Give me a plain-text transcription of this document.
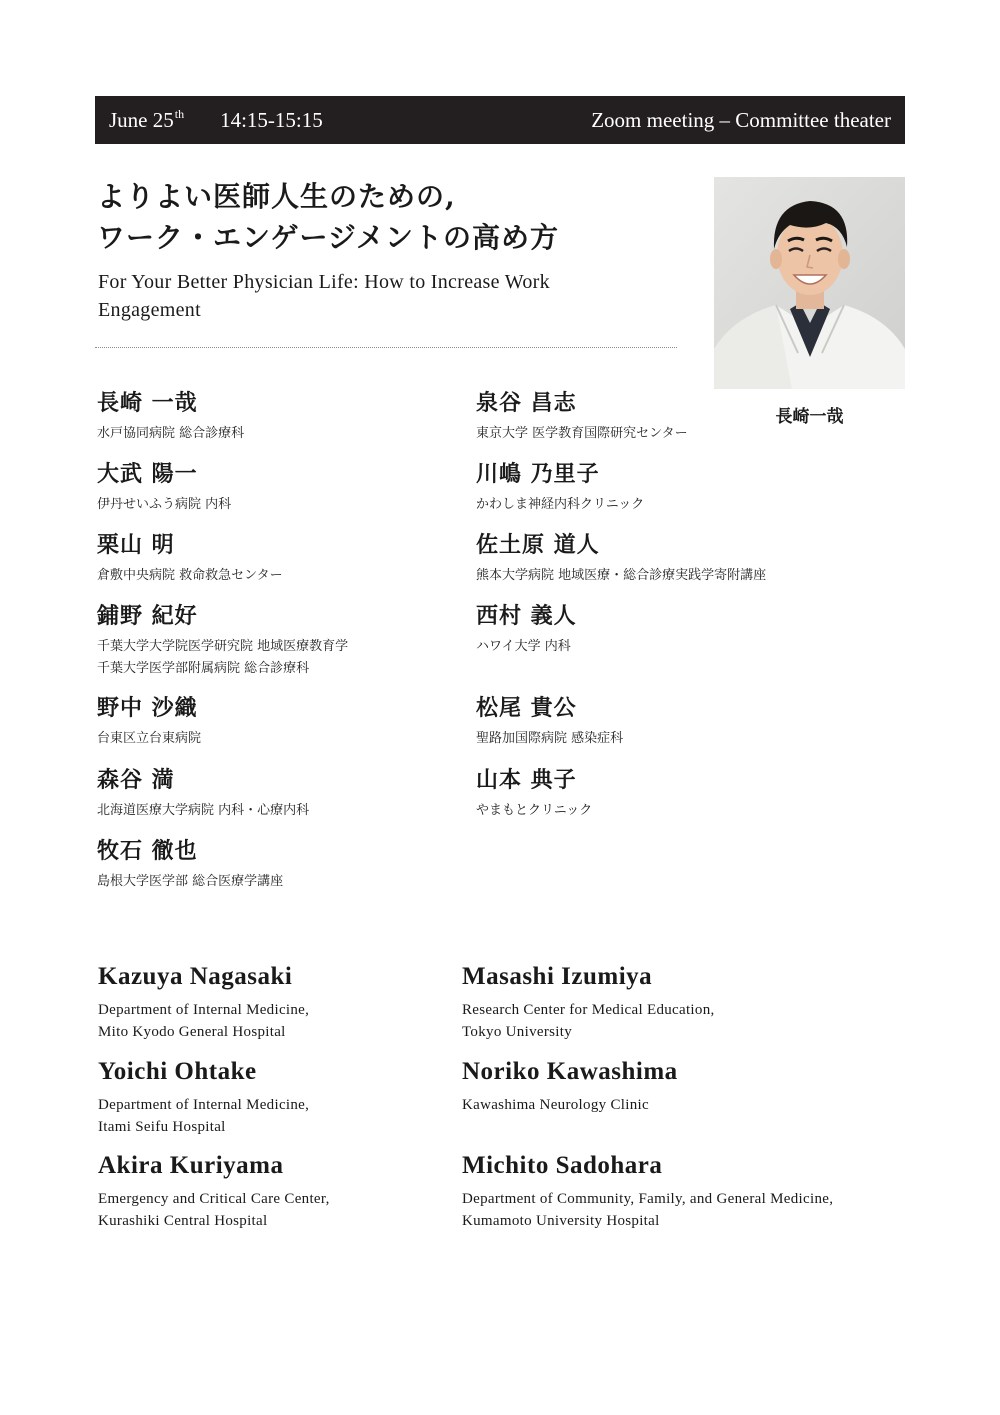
June 25th 14:15-15:15	Zoom meeting – Committee theater
よりよい医師人生のための,
ワーク・エンゲージメントの高め方
For Your Better Physician Life: How to Increase Work Engagement
長崎一哉
長崎 一哉
水戸協同病院 総合診療科
大武 陽一
伊丹せいふう病院 内科
栗山 明
倉敷中央病院 救命救急センター
鋪野 紀好
千葉大学大学院医学研究院 地域医療教育学
千葉大学医学部附属病院 総合診療科
野中 沙織
台東区立台東病院
森谷 満
北海道医療大学病院 内科・心療内科
牧石 徹也
島根大学医学部 総合医療学講座
泉谷 昌志
東京大学 医学教育国際研究センター
川嶋 乃里子
かわしま神経内科クリニック
佐土原 道人
熊本大学病院 地域医療・総合診療実践学寄附講座
西村 義人
ハワイ大学 内科
松尾 貴公
聖路加国際病院 感染症科
山本 典子
やまもとクリニック
Kazuya Nagasaki
Department of Internal Medicine,
Mito Kyodo General Hospital
Yoichi Ohtake
Department of Internal Medicine,
Itami Seifu Hospital
Akira Kuriyama
Emergency and Critical Care Center,
Kurashiki Central Hospital
Masashi Izumiya
Research Center for Medical Education,
Tokyo University
Noriko Kawashima
Kawashima Neurology Clinic
Michito Sadohara
Department of Community, Family, and General Medicine,
Kumamoto University Hospital
